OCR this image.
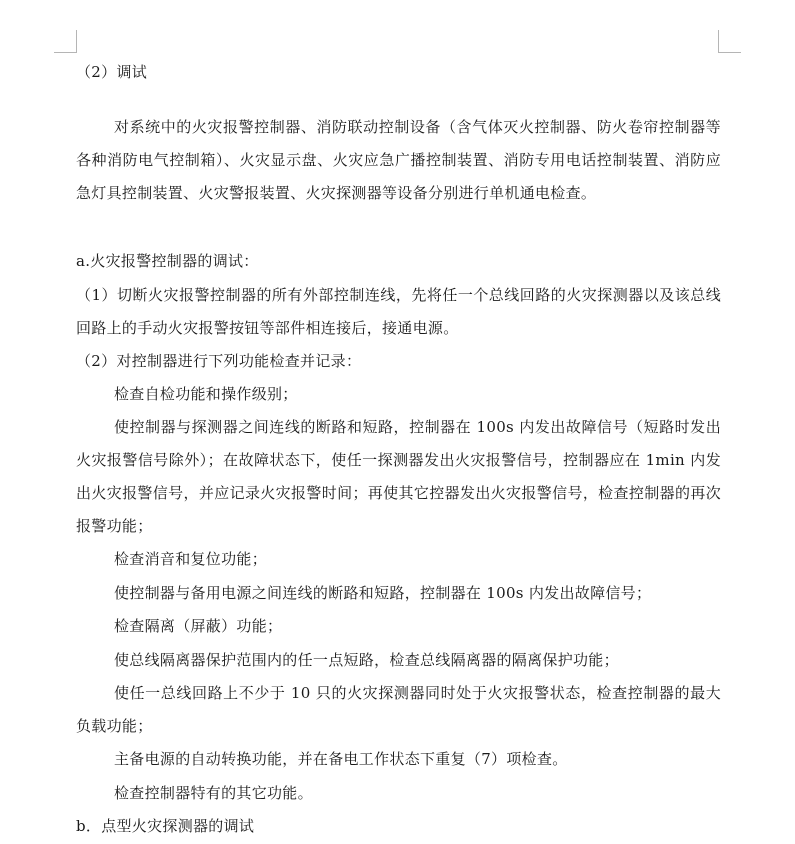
（2）调试
对系统中的火灾报警控制器、消防联动控制设备（含气体灭火控制器、防火卷帘控制器等各种消防电气控制箱）、火灾显示盘、火灾应急广播控制装置、消防专用电话控制装置、消防应急灯具控制装置、火灾警报装置、火灾探测器等设备分别进行单机通电检查。
a.火灾报警控制器的调试：
（1）切断火灾报警控制器的所有外部控制连线，先将任一个总线回路的火灾探测器以及该总线回路上的手动火灾报警按钮等部件相连接后，接通电源。
（2）对控制器进行下列功能检查并记录：
检查自检功能和操作级别；
使控制器与探测器之间连线的断路和短路，控制器在 100s 内发出故障信号（短路时发出火灾报警信号除外）；在故障状态下，使任一探测器发出火灾报警信号，控制器应在 1min 内发出火灾报警信号，并应记录火灾报警时间；再使其它控器发出火灾报警信号，检查控制器的再次报警功能；
检查消音和复位功能；
使控制器与备用电源之间连线的断路和短路，控制器在 100s 内发出故障信号；
检查隔离（屏蔽）功能；
使总线隔离器保护范围内的任一点短路，检查总线隔离器的隔离保护功能；
使任一总线回路上不少于 10 只的火灾探测器同时处于火灾报警状态，检查控制器的最大负载功能；
主备电源的自动转换功能，并在备电工作状态下重复（7）项检查。
检查控制器特有的其它功能。
b．点型火灾探测器的调试
